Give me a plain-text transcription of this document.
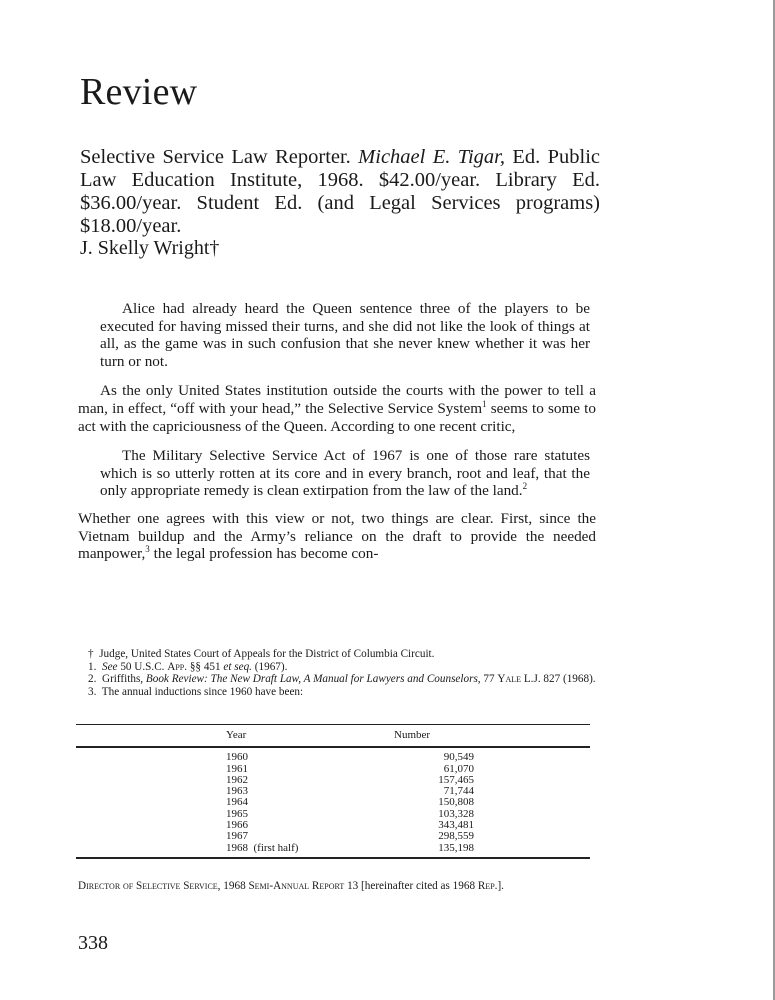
Review
Selective Service Law Reporter. Michael E. Tigar, Ed. Public Law Education Institute, 1968. $42.00/year. Library Ed. $36.00/year. Student Ed. (and Legal Services programs) $18.00/year.
J. Skelly Wright†

Alice had already heard the Queen sentence three of the players to be executed for having missed their turns, and she did not like the look of things at all, as the game was in such confusion that she never knew whether it was her turn or not.

As the only United States institution outside the courts with the power to tell a man, in effect, “off with your head,” the Selective Service System$^1$ seems to some to act with the capriciousness of the Queen. According to one recent critic,

The Military Selective Service Act of 1967 is one of those rare statutes which is so utterly rotten at its core and in every branch, root and leaf, that the only appropriate remedy is clean extirpation from the law of the land.$^2$

Whether one agrees with this view or not, two things are clear. First, since the Vietnam buildup and the Army’s reliance on the draft to provide the needed manpower,$^3$ the legal profession has become con-

† Judge, United States Court of Appeals for the District of Columbia Circuit.

1. See 50 U.S.C. App. §§ 451 et seq. (1967).

2. Griffiths, Book Review: The New Draft Law, A Manual for Lawyers and Counselors, 77 Yale L.J. 827 (1968).

3. The annual inductions since 1960 have been:

Year	Number	
1960	90,549	
1961	61,070	
1962	157,465	
1963	71,744	
1964	150,808	
1965	103,328	
1966	343,481	
1967	298,559	
1968  (first half)	135,198	

Director of Selective Service, 1968 Semi-Annual Report 13 [hereinafter cited as 1968 Rep.].

338
